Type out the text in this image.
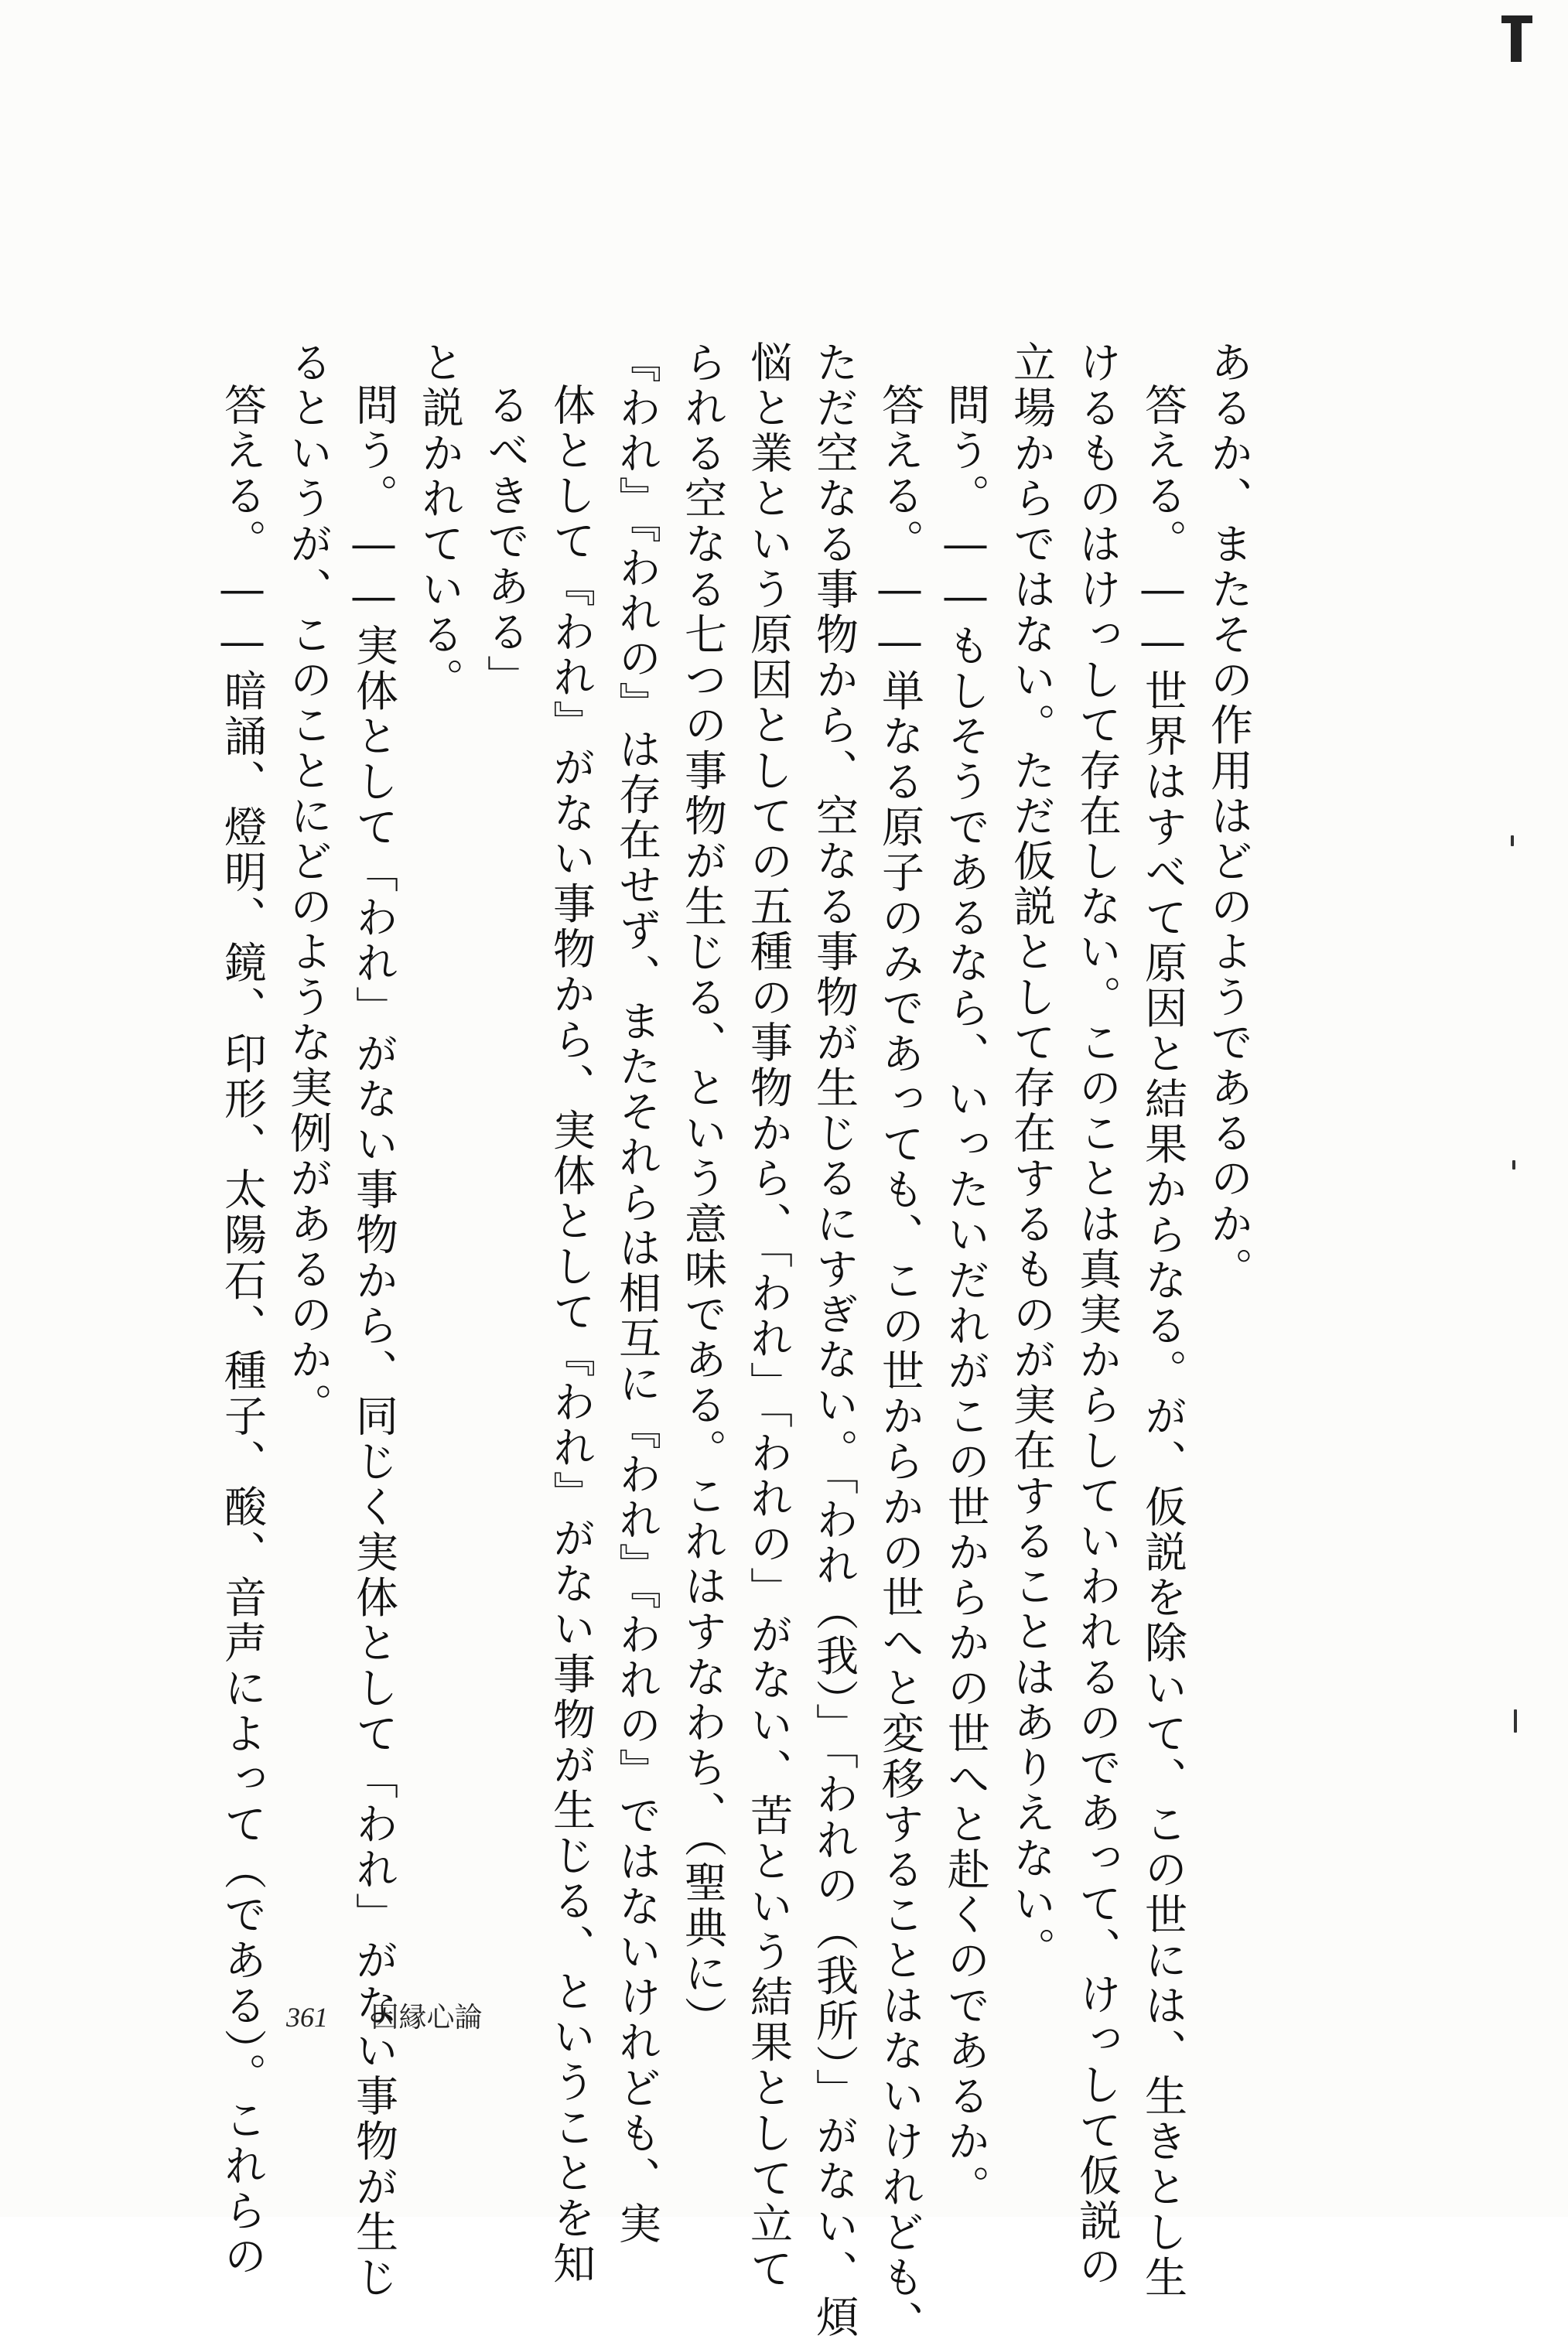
あるか、またその作用はどのようであるのか。
答える。――世界はすべて原因と結果からなる。が、仮説を除いて、この世には、生きとし生
けるものはけっして存在しない。このことは真実からしていわれるのであって、けっして仮説の
立場からではない。ただ仮説として存在するものが実在することはありえない。
問う。――もしそうであるなら、いったいだれがこの世からかの世へと赴くのであるか。
答える。――単なる原子のみであっても、この世からかの世へと変移することはないけれども、
ただ空なる事物から、空なる事物が生じるにすぎない。「われ（我）」「われの（我所）」がない、煩
悩と業という原因としての五種の事物から、「われ」「われの」がない、苦という結果として立て
られる空なる七つの事物が生じる、という意味である。これはすなわち、（聖典に）
『われ』『われの』は存在せず、またそれらは相互に『われ』『われの』ではないけれども、実
体として『われ』がない事物から、実体として『われ』がない事物が生じる、ということを知
るべきである」
と説かれている。
問う。――実体として「われ」がない事物から、同じく実体として「われ」がない事物が生じ
るというが、このことにどのような実例があるのか。
答える。――暗誦、燈明、鏡、印形、太陽石、種子、酸、音声によって（である）。これらの 361 因縁心論
